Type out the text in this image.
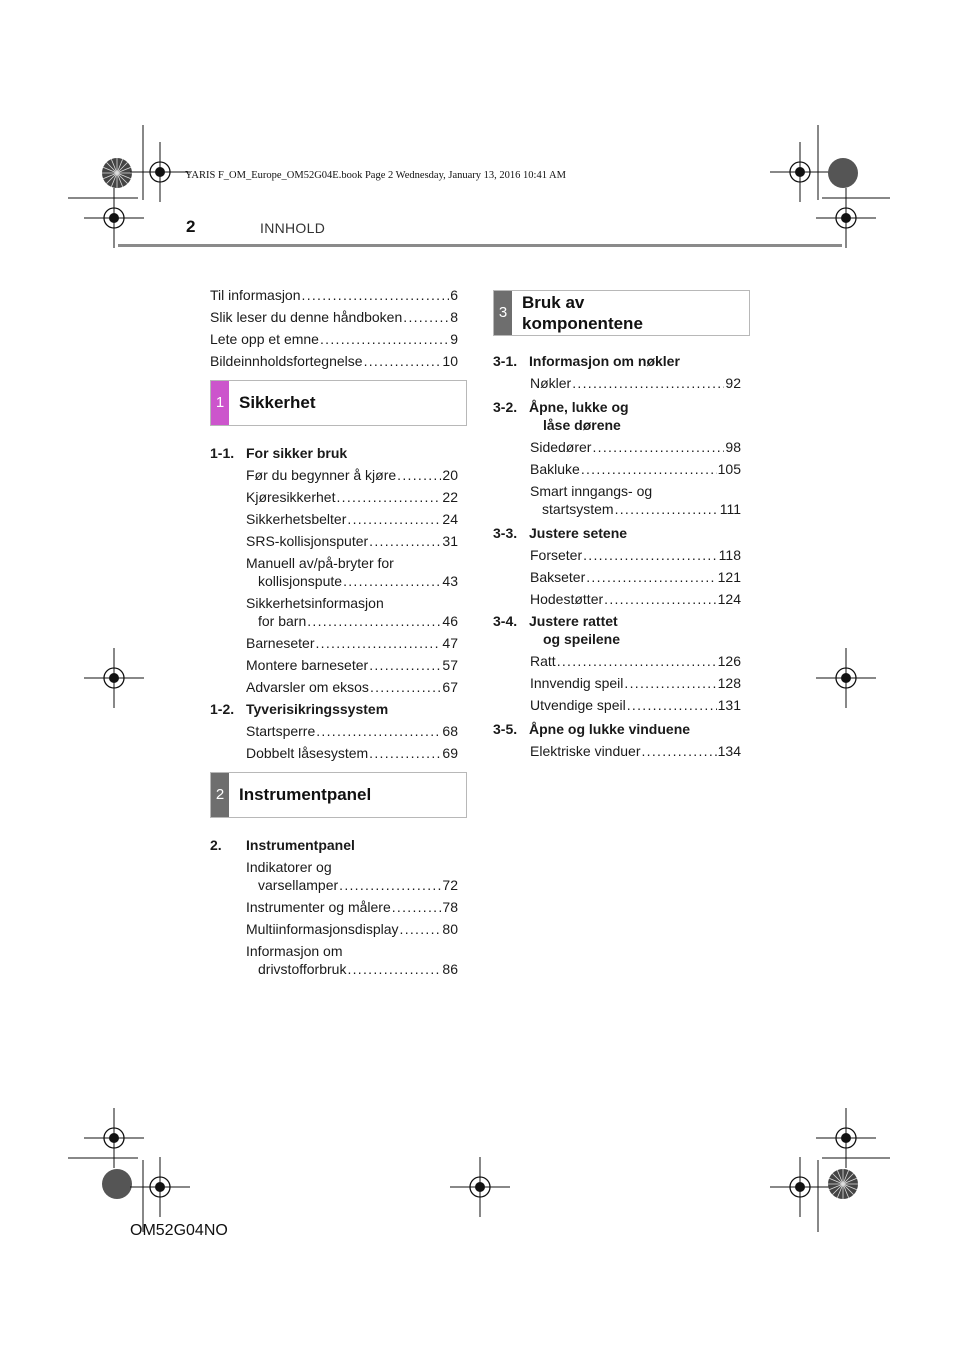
YARIS F_OM_Europe_OM52G04E.book Page 2 Wednesday, January 13, 2016 10:41 AM
2	INNHOLD
Til informasjon . . .	6
Slik leser du denne håndboken . . .	8
Lete opp et emne . . .	9
Bildeinnholdsfortegnelse . . .	10
1 Sikkerhet
1-1. For sikker bruk
Før du begynner å kjøre . . .	20
Kjøresikkerhet . . .	22
Sikkerhetsbelter . . .	24
SRS-kollisjonsputer . . .	31
Manuell av/på-bryter for
kollisjonspute . . .	43
Sikkerhetsinformasjon
for barn . . .	46
Barneseter . . .	47
Montere barneseter . . .	57
Advarsler om eksos . . .	67
1-2. Tyverisikringssystem
Startsperre . . .	68
Dobbelt låsesystem . . .	69
2 Instrumentpanel
2. Instrumentpanel
Indikatorer og
varsellamper . . .	72
Instrumenter og målere . . .	78
Multiinformasjonsdisplay . . .	80
Informasjon om
drivstofforbruk . . .	86
3
Bruk av
komponentene
3-1. Informasjon om nøkler
Nøkler . . .	92
3-2. Åpne, lukke og
låse dørene
Sidedører . . .	98
Bakluke . . .	105
Smart inngangs- og
startsystem . . .	111
3-3. Justere setene
Forseter . . .	118
Bakseter . . .	121
Hodestøtter . . .	124
3-4. Justere rattet
og speilene
Ratt . . .	126
Innvendig speil . . .	128
Utvendige speil . . .	131
3-5. Åpne og lukke vinduene
Elektriske vinduer . . .	134
OM52G04NO
